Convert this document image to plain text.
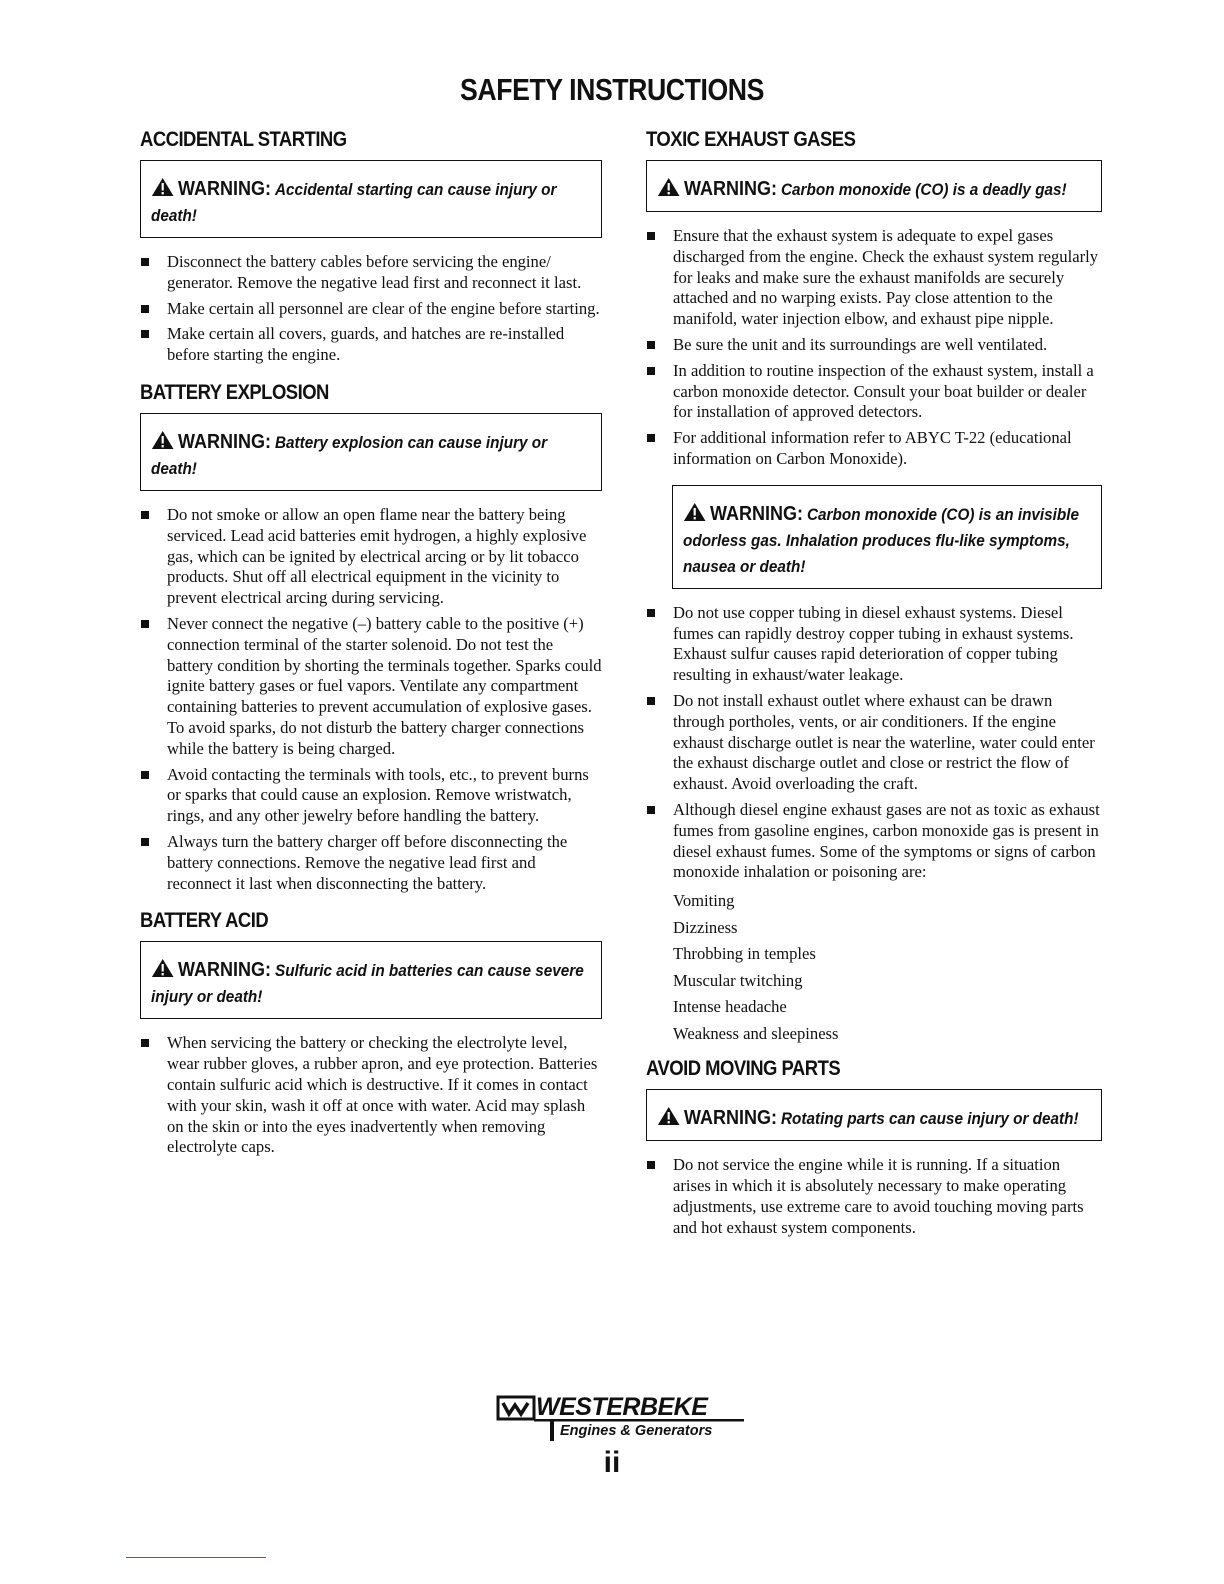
SAFETY INSTRUCTIONS
ACCIDENTAL STARTING
WARNING: Accidental starting can cause injury or death!
Disconnect the battery cables before servicing the engine/ generator. Remove the negative lead first and reconnect it last.
Make certain all personnel are clear of the engine before starting.
Make certain all covers, guards, and hatches are re-installed before starting the engine.
BATTERY EXPLOSION
WARNING: Battery explosion can cause injury or death!
Do not smoke or allow an open flame near the battery being serviced. Lead acid batteries emit hydrogen, a highly explosive gas, which can be ignited by electrical arcing or by lit tobacco products. Shut off all electrical equipment in the vicinity to prevent electrical arcing during servicing.
Never connect the negative (–) battery cable to the positive (+) connection terminal of the starter solenoid. Do not test the battery condition by shorting the terminals together. Sparks could ignite battery gases or fuel vapors. Ventilate any compartment containing batteries to prevent accumulation of explosive gases. To avoid sparks, do not disturb the battery charger connections while the battery is being charged.
Avoid contacting the terminals with tools, etc., to prevent burns or sparks that could cause an explosion. Remove wristwatch, rings, and any other jewelry before handling the battery.
Always turn the battery charger off before disconnecting the battery connections. Remove the negative lead first and reconnect it last when disconnecting the battery.
BATTERY ACID
WARNING: Sulfuric acid in batteries can cause severe injury or death!
When servicing the battery or checking the electrolyte level, wear rubber gloves, a rubber apron, and eye protection. Batteries contain sulfuric acid which is destructive. If it comes in contact with your skin, wash it off at once with water. Acid may splash on the skin or into the eyes inadvertently when removing electrolyte caps.
TOXIC EXHAUST GASES
WARNING: Carbon monoxide (CO) is a deadly gas!
Ensure that the exhaust system is adequate to expel gases discharged from the engine. Check the exhaust system regularly for leaks and make sure the exhaust manifolds are securely attached and no warping exists. Pay close attention to the manifold, water injection elbow, and exhaust pipe nipple.
Be sure the unit and its surroundings are well ventilated.
In addition to routine inspection of the exhaust system, install a carbon monoxide detector. Consult your boat builder or dealer for installation of approved detectors.
For additional information refer to ABYC T-22 (educational information on Carbon Monoxide).
WARNING: Carbon monoxide (CO) is an invisible odorless gas. Inhalation produces flu-like symptoms, nausea or death!
Do not use copper tubing in diesel exhaust systems. Diesel fumes can rapidly destroy copper tubing in exhaust systems. Exhaust sulfur causes rapid deterioration of copper tubing resulting in exhaust/water leakage.
Do not install exhaust outlet where exhaust can be drawn through portholes, vents, or air conditioners. If the engine exhaust discharge outlet is near the waterline, water could enter the exhaust discharge outlet and close or restrict the flow of exhaust. Avoid overloading the craft.
Although diesel engine exhaust gases are not as toxic as exhaust fumes from gasoline engines, carbon monoxide gas is present in diesel exhaust fumes. Some of the symptoms or signs of carbon monoxide inhalation or poisoning are:
Vomiting
Dizziness
Throbbing in temples
Muscular twitching
Intense headache
Weakness and sleepiness
AVOID MOVING PARTS
WARNING: Rotating parts can cause injury or death!
Do not service the engine while it is running. If a situation arises in which it is absolutely necessary to make operating adjustments, use extreme care to avoid touching moving parts and hot exhaust system components.
WESTERBEKE
Engines & Generators
ii
